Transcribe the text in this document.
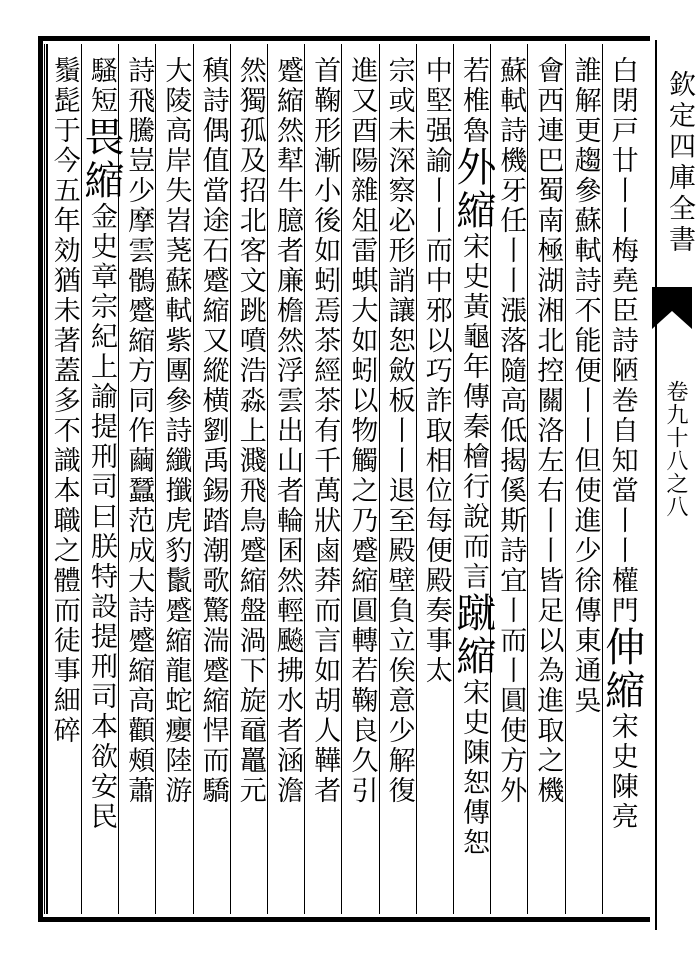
欽定四庫全書
卷九十八之八
白閉戸廿丨丨梅堯臣詩陋巻自知當丨丨權門伸縮宋史陳亮
誰解更趨參蘇軾詩不能便丨丨但使進少徐傳東通吳
會西連巴蜀南極湖湘北控關洛左右丨丨皆足以為進取之機
蘇軾詩機牙任丨丨漲落隨高低揭傒斯詩宜丨而丨圓使方外
若椎魯外縮宋史黃龜年傳秦檜行說而言蹴縮宋史陳恕傳恕
中堅强諭丨丨而中邪以巧詐取相位每便殿奏事太
宗或未深察必形誚讓恕斂板丨丨退至殿壁負立俟意少解復
進又酉陽雜俎雷蜞大如蚓以物觸之乃蹙縮圓轉若鞠良久引
首鞠形漸小後如蚓焉茶經茶有千萬狀鹵莽而言如胡人鞾者
蹙縮然犎牛臆者廉檐然浮雲出山者輪囷然輕飈拂水者涵澹
然獨孤及招北客文跳噴浩淼上濺飛鳥蹙縮盤渦下旋黿鼉元
稹詩偶值當途石蹙縮又縱横劉禹錫踏潮歌驚湍蹙縮悍而驕
大陵高岸失岧荛蘇軾紫團參詩纖攕虎豹鬛蹙縮龍蛇癭陸游
詩飛騰豈少摩雲鶻蹙縮方同作繭蠶范成大詩蹙縮高顴頰蕭
騷短畏縮金史章宗紀上諭提刑司曰朕特設提刑司本欲安民
鬚髭于今五年効猶未著蓋多不識本職之體而徒事細碎
